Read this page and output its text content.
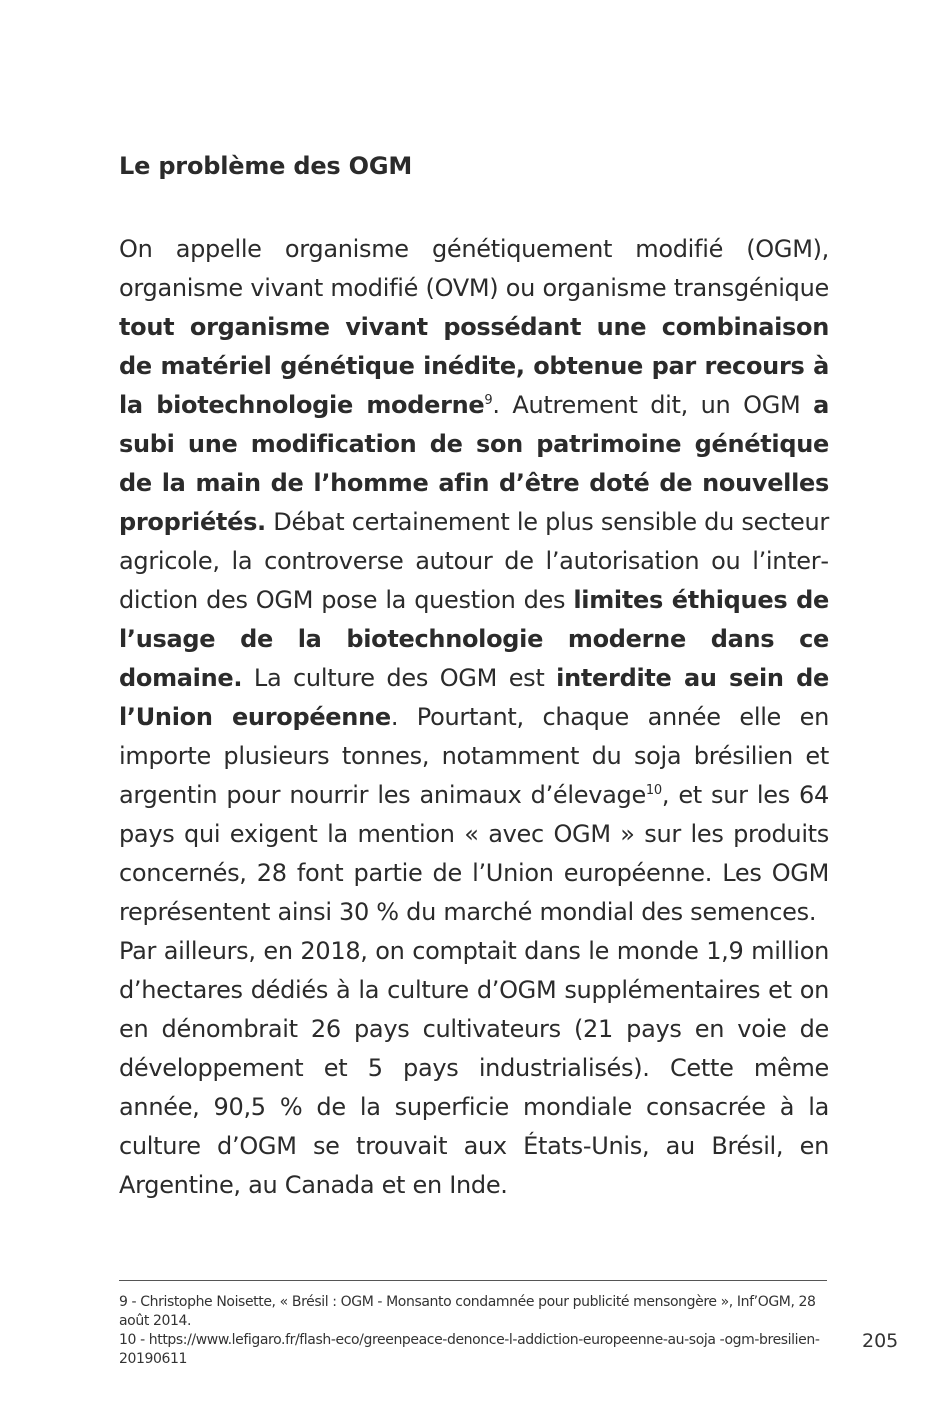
Le problème des OGM

On appelle organisme génétiquement modifié (OGM), organisme vivant modifié (OVM) ou organisme transgénique tout organisme vivant possédant une combinaison de matériel génétique inédite, obtenue par recours à la biotechnologie moderne$^9$. Autrement dit, un OGM a subi une modification de son patrimoine génétique de la main de l’homme afin d’être doté de nouvelles propriétés. Débat certainement le plus sensible du secteur agricole, la controverse autour de l’autorisation ou l’interdiction des OGM pose la question des limites éthiques de l’usage de la biotechnologie moderne dans ce domaine. La culture des OGM est interdite au sein de l’Union européenne. Pourtant, chaque année elle en importe plusieurs tonnes, notamment du soja brésilien et argentin pour nourrir les animaux d’élevage$^{10}$, et sur les 64 pays qui exigent la mention « avec OGM » sur les produits concernés, 28 font partie de l’Union européenne. Les OGM représentent ainsi 30 % du marché mondial des semences.

Par ailleurs, en 2018, on comptait dans le monde 1,9 million d’hectares dédiés à la culture d’OGM supplémentaires et on en dénombrait 26 pays cultivateurs (21 pays en voie de développement et 5 pays industrialisés). Cette même année, 90,5 % de la superficie mondiale consacrée à la culture d’OGM se trouvait aux États-Unis, au Brésil, en Argentine, au Canada et en Inde.

9 - Christophe Noisette, « Brésil : OGM - Monsanto condamnée pour publicité mensongère », Inf’OGM, 28 août 2014.

10 - https://www.lefigaro.fr/flash-eco/greenpeace-denonce-l-addiction-europeenne-au-soja -ogm-bresilien-20190611

205
